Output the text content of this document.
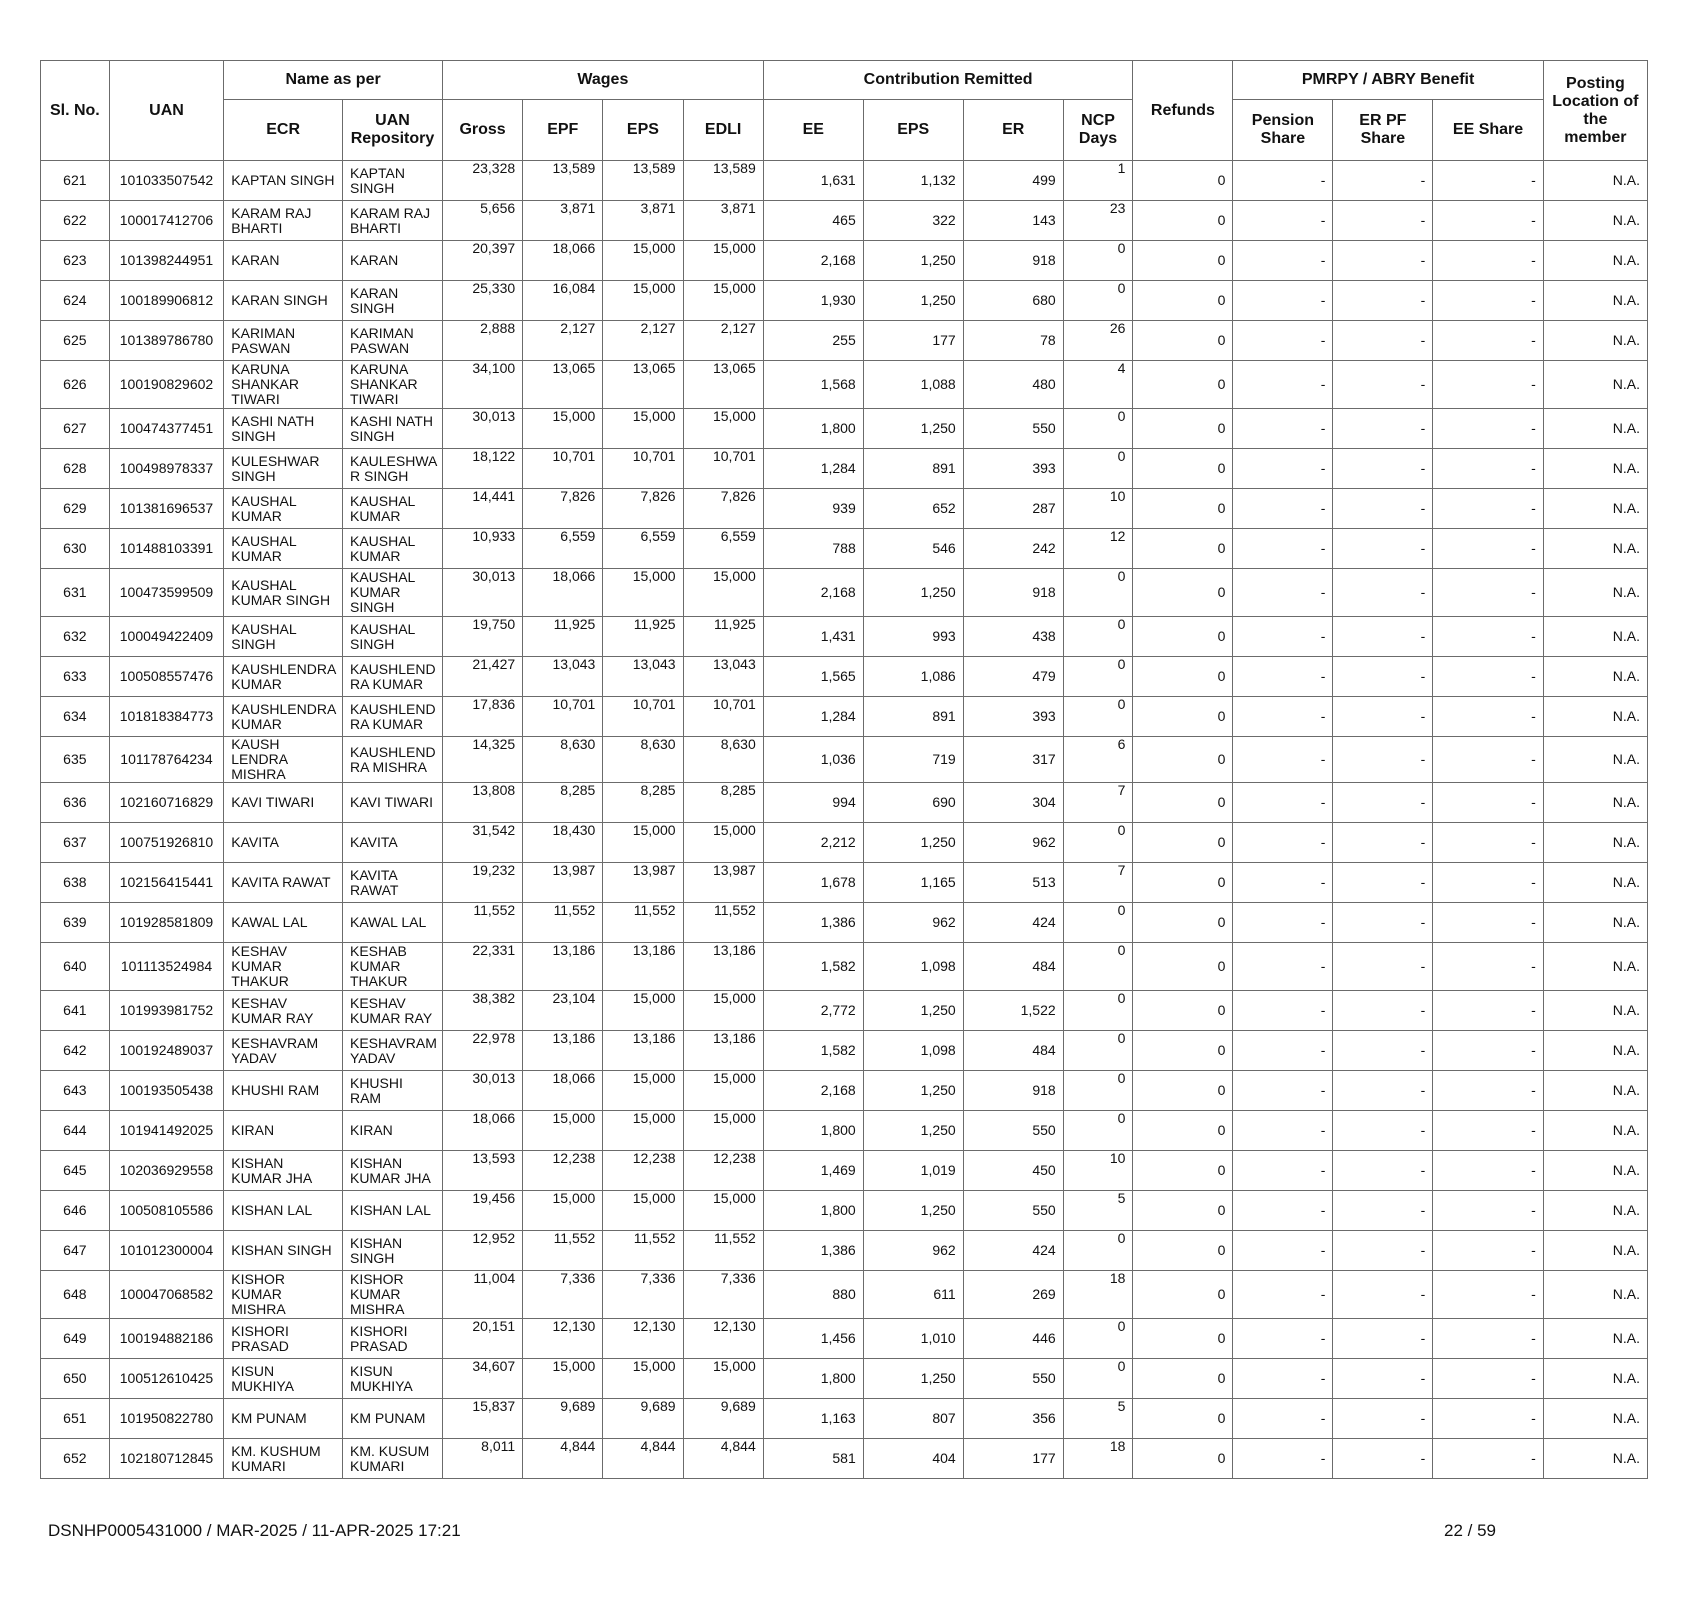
Sl. No.	UAN	Name as per		Wages				Contribution Remitted				Refunds	PMRPY / ABRY Benefit			Posting Location of the member
		ECR	UAN Repository	Gross	EPF	EPS	EDLI	EE	EPS	ER	NCP Days		Pension Share	ER PF Share	EE Share	
621	101033507542	KAPTAN SINGH	KAPTAN SINGH	23,328	13,589	13,589	13,589	1,631	1,132	499	1	0	-	-	-	N.A.
622	100017412706	KARAM RAJ BHARTI	KARAM RAJ BHARTI	5,656	3,871	3,871	3,871	465	322	143	23	0	-	-	-	N.A.
623	101398244951	KARAN	KARAN	20,397	18,066	15,000	15,000	2,168	1,250	918	0	0	-	-	-	N.A.
624	100189906812	KARAN SINGH	KARAN SINGH	25,330	16,084	15,000	15,000	1,930	1,250	680	0	0	-	-	-	N.A.
625	101389786780	KARIMAN PASWAN	KARIMAN PASWAN	2,888	2,127	2,127	2,127	255	177	78	26	0	-	-	-	N.A.
626	100190829602	KARUNA SHANKAR TIWARI	KARUNA SHANKAR TIWARI	34,100	13,065	13,065	13,065	1,568	1,088	480	4	0	-	-	-	N.A.
627	100474377451	KASHI NATH SINGH	KASHI NATH SINGH	30,013	15,000	15,000	15,000	1,800	1,250	550	0	0	-	-	-	N.A.
628	100498978337	KULESHWAR SINGH	KAULESHWA R SINGH	18,122	10,701	10,701	10,701	1,284	891	393	0	0	-	-	-	N.A.
629	101381696537	KAUSHAL KUMAR	KAUSHAL KUMAR	14,441	7,826	7,826	7,826	939	652	287	10	0	-	-	-	N.A.
630	101488103391	KAUSHAL KUMAR	KAUSHAL KUMAR	10,933	6,559	6,559	6,559	788	546	242	12	0	-	-	-	N.A.
631	100473599509	KAUSHAL KUMAR SINGH	KAUSHAL KUMAR SINGH	30,013	18,066	15,000	15,000	2,168	1,250	918	0	0	-	-	-	N.A.
632	100049422409	KAUSHAL SINGH	KAUSHAL SINGH	19,750	11,925	11,925	11,925	1,431	993	438	0	0	-	-	-	N.A.
633	100508557476	KAUSHLENDRA KUMAR	KAUSHLEND RA KUMAR	21,427	13,043	13,043	13,043	1,565	1,086	479	0	0	-	-	-	N.A.
634	101818384773	KAUSHLENDRA KUMAR	KAUSHLEND RA KUMAR	17,836	10,701	10,701	10,701	1,284	891	393	0	0	-	-	-	N.A.
635	101178764234	KAUSH LENDRA MISHRA	KAUSHLEND RA MISHRA	14,325	8,630	8,630	8,630	1,036	719	317	6	0	-	-	-	N.A.
636	102160716829	KAVI TIWARI	KAVI TIWARI	13,808	8,285	8,285	8,285	994	690	304	7	0	-	-	-	N.A.
637	100751926810	KAVITA	KAVITA	31,542	18,430	15,000	15,000	2,212	1,250	962	0	0	-	-	-	N.A.
638	102156415441	KAVITA RAWAT	KAVITA RAWAT	19,232	13,987	13,987	13,987	1,678	1,165	513	7	0	-	-	-	N.A.
639	101928581809	KAWAL LAL	KAWAL LAL	11,552	11,552	11,552	11,552	1,386	962	424	0	0	-	-	-	N.A.
640	101113524984	KESHAV KUMAR THAKUR	KESHAB KUMAR THAKUR	22,331	13,186	13,186	13,186	1,582	1,098	484	0	0	-	-	-	N.A.
641	101993981752	KESHAV KUMAR RAY	KESHAV KUMAR RAY	38,382	23,104	15,000	15,000	2,772	1,250	1,522	0	0	-	-	-	N.A.
642	100192489037	KESHAVRAM YADAV	KESHAVRAM YADAV	22,978	13,186	13,186	13,186	1,582	1,098	484	0	0	-	-	-	N.A.
643	100193505438	KHUSHI RAM	KHUSHI RAM	30,013	18,066	15,000	15,000	2,168	1,250	918	0	0	-	-	-	N.A.
644	101941492025	KIRAN	KIRAN	18,066	15,000	15,000	15,000	1,800	1,250	550	0	0	-	-	-	N.A.
645	102036929558	KISHAN KUMAR JHA	KISHAN KUMAR JHA	13,593	12,238	12,238	12,238	1,469	1,019	450	10	0	-	-	-	N.A.
646	100508105586	KISHAN LAL	KISHAN LAL	19,456	15,000	15,000	15,000	1,800	1,250	550	5	0	-	-	-	N.A.
647	101012300004	KISHAN SINGH	KISHAN SINGH	12,952	11,552	11,552	11,552	1,386	962	424	0	0	-	-	-	N.A.
648	100047068582	KISHOR KUMAR MISHRA	KISHOR KUMAR MISHRA	11,004	7,336	7,336	7,336	880	611	269	18	0	-	-	-	N.A.
649	100194882186	KISHORI PRASAD	KISHORI PRASAD	20,151	12,130	12,130	12,130	1,456	1,010	446	0	0	-	-	-	N.A.
650	100512610425	KISUN MUKHIYA	KISUN MUKHIYA	34,607	15,000	15,000	15,000	1,800	1,250	550	0	0	-	-	-	N.A.
651	101950822780	KM PUNAM	KM PUNAM	15,837	9,689	9,689	9,689	1,163	807	356	5	0	-	-	-	N.A.
652	102180712845	KM. KUSHUM KUMARI	KM. KUSUM KUMARI	8,011	4,844	4,844	4,844	581	404	177	18	0	-	-	-	N.A.
DSNHP0005431000 / MAR-2025 / 11-APR-2025 17:21	22 / 59
